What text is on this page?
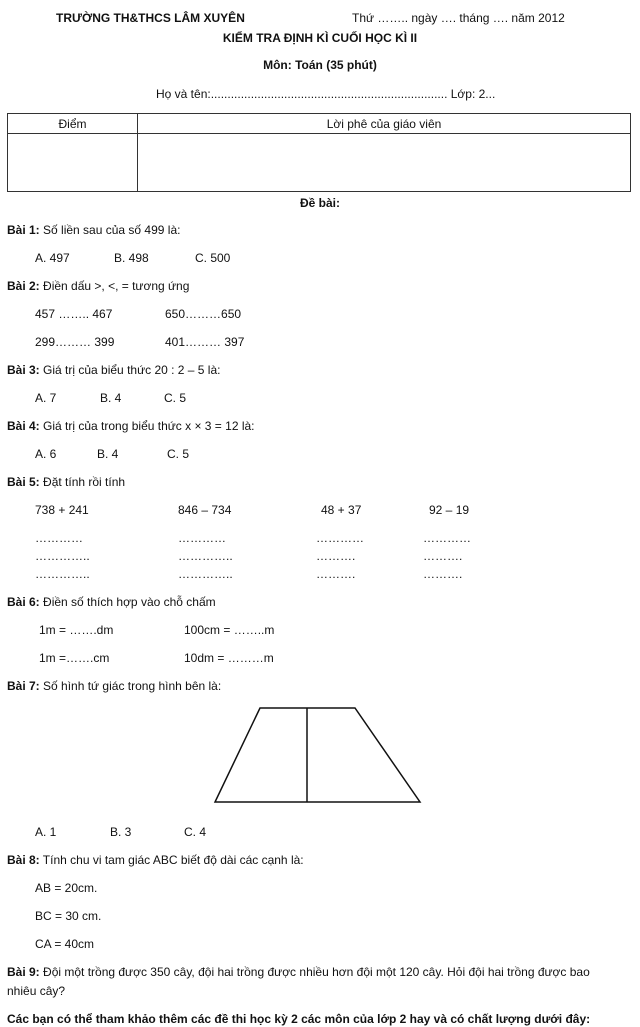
TRƯỜNG TH&THCS LÂM XUYÊN	Thứ …….. ngày …. tháng …. năm 2012
KIỂM TRA ĐỊNH KÌ CUỐI HỌC KÌ II
Môn: Toán (35 phút)
Họ và tên:....................................................................... Lớp: 2...
Điểm	Lời phê của giáo viên

Đề bài:
Bài 1: Số liền sau của số 499 là:
A. 497	B. 498	C. 500
Bài 2: Điền dấu >, <, = tương ứng
457 …….. 467	650………650
299……… 399	401……… 397
Bài 3: Giá trị của biểu thức 20 : 2 – 5 là:
A. 7	B. 4	C. 5
Bài 4: Giá trị của trong biểu thức x × 3 = 12 là:
A. 6	B. 4	C. 5
Bài 5: Đặt tính rồi tính
738 + 241	846 – 734	48 + 37	92 – 19
…………	…………	…………	…………
…………..	…………..	……….	……….
…………..	…………..	……….	……….
Bài 6: Điền số thích hợp vào chỗ chấm
1m = …….dm	100cm = ……..m
1m =…….cm	10dm = ………m
Bài 7: Số hình tứ giác trong hình bên là:
A. 1	B. 3	C. 4
Bài 8: Tính chu vi tam giác ABC biết độ dài các cạnh là:
AB = 20cm.
BC = 30 cm.
CA = 40cm
Bài 9: Đội một trồng được 350 cây, đội hai trồng được nhiều hơn đội một 120 cây. Hỏi đội hai trồng được bao
nhiêu cây?
Các bạn có thể tham khảo thêm các đề thi học kỳ 2 các môn của lớp 2 hay và có chất lượng dưới đây:
